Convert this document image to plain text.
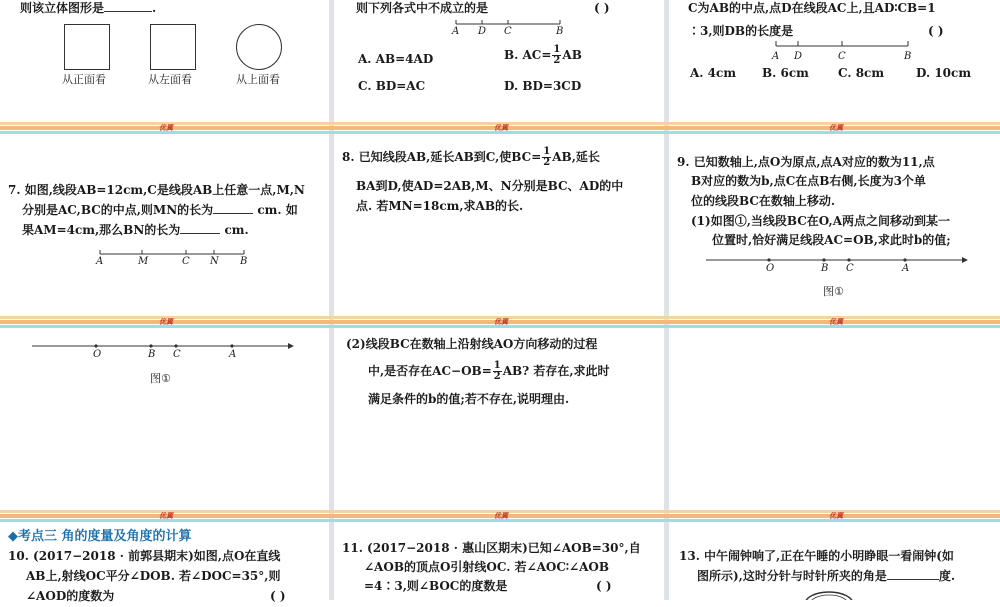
优翼	优翼	优翼
优翼	优翼	优翼
优翼	优翼	优翼
则该立体图形是	.
从正面看	从左面看	从上面看
则下列各式中不成立的是	( )
A D C	B
A. AB=4AD	B. $AC= \frac{1}{2}$ AB
C. BD=AC	D. BD=3CD
C为AB的中点,点D在线段AC上,且AD∶CB=1
∶3,则DB的长度是	( )
A D	C	B
A. 4cm B. 6cm C. 8cm	D. 10cm
7. 如图,线段AB=12cm,C是线段AB上任意一点,M,N
分别是AC,BC的中点,则MN的长为	cm. 如
果AM=4cm,那么BN的长为	cm.
A	M	C N B
8. 已知线段AB,延长AB到C,使$BC= \frac{1}{2}$ AB,延长
BA到D,使AD=2AB,M、N分别是BC、AD的中
点. 若MN=18cm,求AB的长.
9. 已知数轴上,点O为原点,点A对应的数为11,点
B对应的数为b,点C在点B右侧,长度为3个单
位的线段BC在数轴上移动.
(1)如图①,当线段BC在O,A两点之间移动到某一
位置时,恰好满足线段AC=OB,求此时b的值;
O	B C	A
图①
O	B C	A
图①
(2)线段BC在数轴上沿射线AO方向移动的过程
中,是否存在$AC-OB= \frac{1}{2}$ AB? 若存在,求此时
满足条件的b的值;若不存在,说明理由.
◆考点三 角的度量及角度的计算
10. (2017−2018 · 前郭县期末)如图,点O在直线
AB上,射线OC平分∠DOB. 若∠DOC=35°,则
∠AOD的度数为	( )
11. (2017−2018 · 惠山区期末)已知∠AOB=30°,自
∠AOB的顶点O引射线OC. 若∠AOC∶∠AOB
=4∶3,则∠BOC的度数是	( )
13. 中午闹钟响了,正在午睡的小明睁眼一看闹钟(如
图所示),这时分针与时针所夹的角是	度.
